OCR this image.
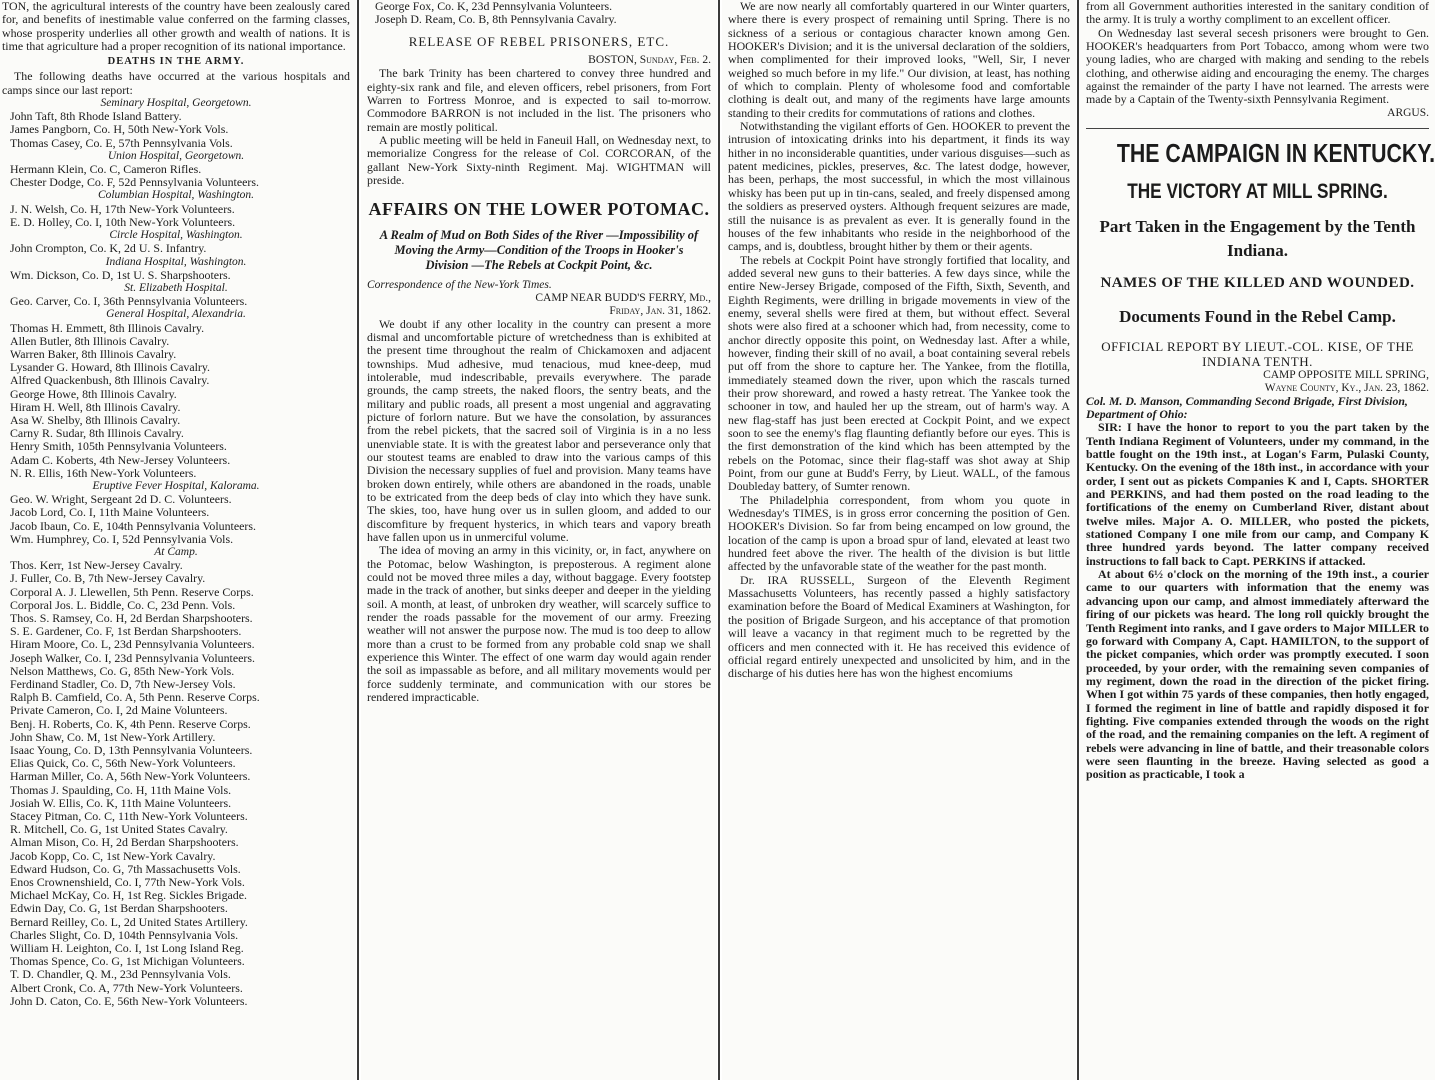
TON, the agricultural interests of the country have been zealously cared for, and benefits of inestimable value conferred on the farming classes, whose prosperity underlies all other growth and wealth of nations. It is time that agriculture had a proper recognition of its national importance.

DEATHS IN THE ARMY.

The following deaths have occurred at the various hospitals and camps since our last report:

Seminary Hospital, Georgetown.
John Taft, 8th Rhode Island Battery.
James Pangborn, Co. H, 50th New-York Vols.
Thomas Casey, Co. E, 57th Pennsylvania Vols.
Union Hospital, Georgetown.
Hermann Klein, Co. C, Cameron Rifles.
Chester Dodge, Co. F, 52d Pennsylvania Volunteers.
Columbian Hospital, Washington.
J. N. Welsh, Co. H, 17th New-York Volunteers.
E. D. Holley, Co. I, 10th New-York Volunteers.
Circle Hospital, Washington.
John Crompton, Co. K, 2d U. S. Infantry.
Indiana Hospital, Washington.
Wm. Dickson, Co. D, 1st U. S. Sharpshooters.
St. Elizabeth Hospital.
Geo. Carver, Co. I, 36th Pennsylvania Volunteers.
General Hospital, Alexandria.
Thomas H. Emmett, 8th Illinois Cavalry.
Allen Butler, 8th Illinois Cavalry.
Warren Baker, 8th Illinois Cavalry.
Lysander G. Howard, 8th Illinois Cavalry.
Alfred Quackenbush, 8th Illinois Cavalry.
George Howe, 8th Illinois Cavalry.
Hiram H. Well, 8th Illinois Cavalry.
Asa W. Shelby, 8th Illinois Cavalry.
Carny R. Sudar, 8th Illinois Cavalry.
Henry Smith, 105th Pennsylvania Volunteers.
Adam C. Koberts, 4th New-Jersey Volunteers.
N. R. Ellis, 16th New-York Volunteers.
Eruptive Fever Hospital, Kalorama.
Geo. W. Wright, Sergeant 2d D. C. Volunteers.
Jacob Lord, Co. I, 11th Maine Volunteers.
Jacob Ibaun, Co. E, 104th Pennsylvania Volunteers.
Wm. Humphrey, Co. I, 52d Pennsylvania Vols.
At Camp.
Thos. Kerr, 1st New-Jersey Cavalry.
J. Fuller, Co. B, 7th New-Jersey Cavalry.
Corporal A. J. Llewellen, 5th Penn. Reserve Corps.
Corporal Jos. L. Biddle, Co. C, 23d Penn. Vols.
Thos. S. Ramsey, Co. H, 2d Berdan Sharpshooters.
S. E. Gardener, Co. F, 1st Berdan Sharpshooters.
Hiram Moore, Co. L, 23d Pennsylvania Volunteers.
Joseph Walker, Co. I, 23d Pennsylvania Volunteers.
Nelson Matthews, Co. G, 85th New-York Vols.
Ferdinand Stadler, Co. D, 7th New-Jersey Vols.
Ralph B. Camfield, Co. A, 5th Penn. Reserve Corps.
Private Cameron, Co. I, 2d Maine Volunteers.
Benj. H. Roberts, Co. K, 4th Penn. Reserve Corps.
John Shaw, Co. M, 1st New-York Artillery.
Isaac Young, Co. D, 13th Pennsylvania Volunteers.
Elias Quick, Co. C, 56th New-York Volunteers.
Harman Miller, Co. A, 56th New-York Volunteers.
Thomas J. Spaulding, Co. H, 11th Maine Vols.
Josiah W. Ellis, Co. K, 11th Maine Volunteers.
Stacey Pitman, Co. C, 11th New-York Volunteers.
R. Mitchell, Co. G, 1st United States Cavalry.
Alman Mison, Co. H, 2d Berdan Sharpshooters.
Jacob Kopp, Co. C, 1st New-York Cavalry.
Edward Hudson, Co. G, 7th Massachusetts Vols.
Enos Crownenshield, Co. I, 77th New-York Vols.
Michael McKay, Co. H, 1st Reg. Sickles Brigade.
Edwin Day, Co. G, 1st Berdan Sharpshooters.
Bernard Reilley, Co. L, 2d United States Artillery.
Charles Slight, Co. D, 104th Pennsylvania Vols.
William H. Leighton, Co. I, 1st Long Island Reg.
Thomas Spence, Co. G, 1st Michigan Volunteers.
T. D. Chandler, Q. M., 23d Pennsylvania Vols.
Albert Cronk, Co. A, 77th New-York Volunteers.
John D. Caton, Co. E, 56th New-York Volunteers.
George Fox, Co. K, 23d Pennsylvania Volunteers.
Joseph D. Ream, Co. B, 8th Pennsylvania Cavalry.
RELEASE OF REBEL PRISONERS, ETC.
BOSTON, Sunday, Feb. 2.

The bark Trinity has been chartered to convey three hundred and eighty-six rank and file, and eleven officers, rebel prisoners, from Fort Warren to Fortress Monroe, and is expected to sail to-morrow. Commodore BARRON is not included in the list. The prisoners who remain are mostly political.

A public meeting will be held in Faneuil Hall, on Wednesday next, to memorialize Congress for the release of Col. CORCORAN, of the gallant New-York Sixty-ninth Regiment. Maj. WIGHTMAN will preside.

AFFAIRS ON THE LOWER POTOMAC.
A Realm of Mud on Both Sides of the River —Impossibility of Moving the Army—Condition of the Troops in Hooker's Division —The Rebels at Cockpit Point, &c.
Correspondence of the New-York Times.
CAMP NEAR BUDD'S FERRY, Md.,
Friday, Jan. 31, 1862.

We doubt if any other locality in the country can present a more dismal and uncomfortable picture of wretchedness than is exhibited at the present time throughout the realm of Chickamoxen and adjacent townships. Mud adhesive, mud tenacious, mud knee-deep, mud intolerable, mud indescribable, prevails everywhere. The parade grounds, the camp streets, the naked floors, the sentry beats, and the military and public roads, all present a most ungenial and aggravating picture of forlorn nature. But we have the consolation, by assurances from the rebel pickets, that the sacred soil of Virginia is in a no less unenviable state. It is with the greatest labor and perseverance only that our stoutest teams are enabled to draw into the various camps of this Division the necessary supplies of fuel and provision. Many teams have broken down entirely, while others are abandoned in the roads, unable to be extricated from the deep beds of clay into which they have sunk. The skies, too, have hung over us in sullen gloom, and added to our discomfiture by frequent hysterics, in which tears and vapory breath have fallen upon us in unmerciful volume.

The idea of moving an army in this vicinity, or, in fact, anywhere on the Potomac, below Washington, is preposterous. A regiment alone could not be moved three miles a day, without baggage. Every footstep made in the track of another, but sinks deeper and deeper in the yielding soil. A month, at least, of unbroken dry weather, will scarcely suffice to render the roads passable for the movement of our army. Freezing weather will not answer the purpose now. The mud is too deep to allow more than a crust to be formed from any probable cold snap we shall experience this Winter. The effect of one warm day would again render the soil as impassable as before, and all military movements would per force suddenly terminate, and communication with our stores be rendered impracticable.

We are now nearly all comfortably quartered in our Winter quarters, where there is every prospect of remaining until Spring. There is no sickness of a serious or contagious character known among Gen. HOOKER's Division; and it is the universal declaration of the soldiers, when complimented for their improved looks, "Well, Sir, I never weighed so much before in my life." Our division, at least, has nothing of which to complain. Plenty of wholesome food and comfortable clothing is dealt out, and many of the regiments have large amounts standing to their credits for commutations of rations and clothes.

Notwithstanding the vigilant efforts of Gen. HOOKER to prevent the intrusion of intoxicating drinks into his department, it finds its way hither in no inconsiderable quantities, under various disguises—such as patent medicines, pickles, preserves, &c. The latest dodge, however, has been, perhaps, the most successful, in which the most villainous whisky has been put up in tin-cans, sealed, and freely dispensed among the soldiers as preserved oysters. Although frequent seizures are made, still the nuisance is as prevalent as ever. It is generally found in the houses of the few inhabitants who reside in the neighborhood of the camps, and is, doubtless, brought hither by them or their agents.

The rebels at Cockpit Point have strongly fortified that locality, and added several new guns to their batteries. A few days since, while the entire New-Jersey Brigade, composed of the Fifth, Sixth, Seventh, and Eighth Regiments, were drilling in brigade movements in view of the enemy, several shells were fired at them, but without effect. Several shots were also fired at a schooner which had, from necessity, come to anchor directly opposite this point, on Wednesday last. After a while, however, finding their skill of no avail, a boat containing several rebels put off from the shore to capture her. The Yankee, from the flotilla, immediately steamed down the river, upon which the rascals turned their prow shoreward, and rowed a hasty retreat. The Yankee took the schooner in tow, and hauled her up the stream, out of harm's way. A new flag-staff has just been erected at Cockpit Point, and we expect soon to see the enemy's flag flaunting defiantly before our eyes. This is the first demonstration of the kind which has been attempted by the rebels on the Potomac, since their flag-staff was shot away at Ship Point, from our gune at Budd's Ferry, by Lieut. WALL, of the famous Doubleday battery, of Sumter renown.

The Philadelphia correspondent, from whom you quote in Wednesday's TIMES, is in gross error concerning the position of Gen. HOOKER's Division. So far from being encamped on low ground, the location of the camp is upon a broad spur of land, elevated at least two hundred feet above the river. The health of the division is but little affected by the unfavorable state of the weather for the past month.

Dr. IRA RUSSELL, Surgeon of the Eleventh Regiment Massachusetts Volunteers, has recently passed a highly satisfactory examination before the Board of Medical Examiners at Washington, for the position of Brigade Surgeon, and his acceptance of that promotion will leave a vacancy in that regiment much to be regretted by the officers and men connected with it. He has received this evidence of official regard entirely unexpected and unsolicited by him, and in the discharge of his duties here has won the highest encomiums

from all Government authorities interested in the sanitary condition of the army. It is truly a worthy compliment to an excellent officer.

On Wednesday last several secesh prisoners were brought to Gen. HOOKER's headquarters from Port Tobacco, among whom were two young ladies, who are charged with making and sending to the rebels clothing, and otherwise aiding and encouraging the enemy. The charges against the remainder of the party I have not learned. The arrests were made by a Captain of the Twenty-sixth Pennsylvania Regiment.

ARGUS.
THE CAMPAIGN IN KENTUCKY.
THE VICTORY AT MILL SPRING.
Part Taken in the Engagement by the Tenth Indiana.
NAMES OF THE KILLED AND WOUNDED.
Documents Found in the Rebel Camp.
OFFICIAL REPORT BY LIEUT.-COL. KISE, OF THE INDIANA TENTH.
CAMP OPPOSITE MILL SPRING,
Wayne County, Ky., Jan. 23, 1862.
Col. M. D. Manson, Commanding Second Brigade, First Division, Department of Ohio:

SIR: I have the honor to report to you the part taken by the Tenth Indiana Regiment of Volunteers, under my command, in the battle fought on the 19th inst., at Logan's Farm, Pulaski County, Kentucky. On the evening of the 18th inst., in accordance with your order, I sent out as pickets Companies K and I, Capts. SHORTER and PERKINS, and had them posted on the road leading to the fortifications of the enemy on Cumberland River, distant about twelve miles. Major A. O. MILLER, who posted the pickets, stationed Company I one mile from our camp, and Company K three hundred yards beyond. The latter company received instructions to fall back to Capt. PERKINS if attacked.

At about 6½ o'clock on the morning of the 19th inst., a courier came to our quarters with information that the enemy was advancing upon our camp, and almost immediately afterward the firing of our pickets was heard. The long roll quickly brought the Tenth Regiment into ranks, and I gave orders to Major MILLER to go forward with Company A, Capt. HAMILTON, to the support of the picket companies, which order was promptly executed. I soon proceeded, by your order, with the remaining seven companies of my regiment, down the road in the direction of the picket firing. When I got within 75 yards of these companies, then hotly engaged, I formed the regiment in line of battle and rapidly disposed it for fighting. Five companies extended through the woods on the right of the road, and the remaining companies on the left. A regiment of rebels were advancing in line of battle, and their treasonable colors were seen flaunting in the breeze. Having selected as good a position as practicable, I took a
